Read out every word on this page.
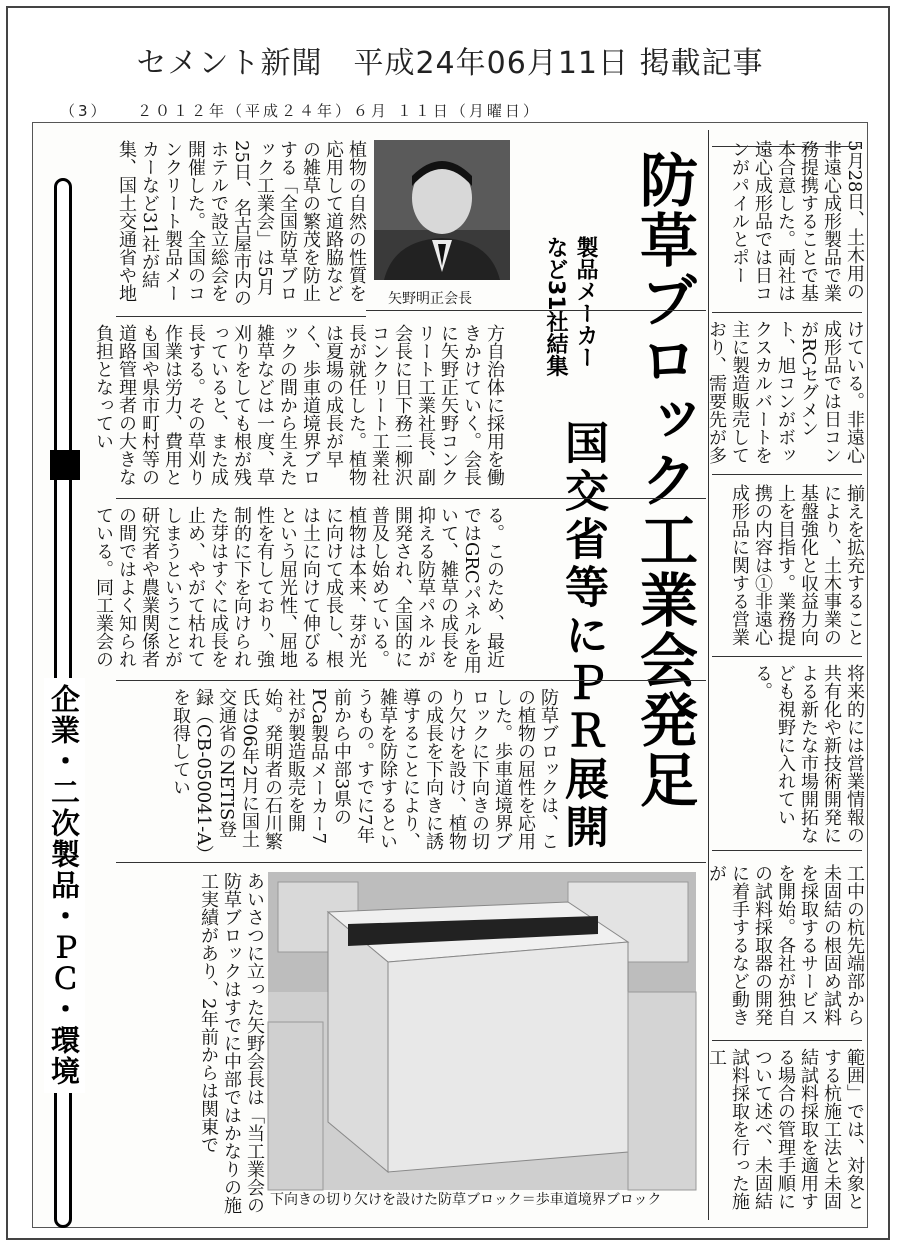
セメント新聞　平成24年06月11日 掲載記事
（3）　　２０１２年（平成２４年）６月 １１日（月曜日）
企業・二次製品・ＰＣ・環境
5月28日、土木用の非遠心成形製品で業務提携することで基本合意した。両社は遠心成形品では日コンがパイルとポー
けている。非遠心成形品では日コンがRCセグメント、旭コンがボックスカルバートを主に製造販売しており、需要先が多
揃えを拡充することにより、土木事業の基盤強化と収益力向上を目指す。業務提携の内容は①非遠心成形品に関する営業
将来的には営業情報の共有化や新技術開発による新たな市場開拓なども視野に入れている。
工中の杭先端部から未固結の根固め試料を採取するサービスを開始。各社が独自の試料採取器の開発に着手するなど動きが
範囲」では、対象とする杭施工法と未固結試料採取を適用する場合の管理手順について述べ、未固結試料採取を行った施工
防草ブロック工業会発足
国交省等にＰＲ展開
製品メーカー
など31社結集
矢野明正会長
植物の自然の性質を応用して道路脇などの雑草の繁茂を防止する「全国防草ブロック工業会」は5月25日、名古屋市内のホテルで設立総会を開催した。全国のコンクリート製品メーカーなど31社が結集、国土交通省や地
方自治体に採用を働きかけていく。会長に矢野正矢野コンクリート工業社長、副会長に日下務二柳沢コンクリート工業社長が就任した。植物は夏場の成長が早く、歩車道境界ブロックの間から生えた雑草などは一度、草刈りをしても根が残っていると、また成長する。その草刈り作業は労力、費用とも国や県市町村等の道路管理者の大きな負担となってい
る。このため、最近ではGRCパネルを用いて、雑草の成長を抑える防草パネルが開発され、全国的に普及し始めている。植物は本来、芽が光に向けて成長し、根は土に向けて伸びるという屈光性、屈地性を有しており、強制的に下を向けられた芽はすぐに成長を止め、やがて枯れてしまうということが研究者や農業関係者の間ではよく知られている。同工業会の
防草ブロックは、この植物の屈性を応用した。歩車道境界ブロックに下向きの切り欠けを設け、植物の成長を下向きに誘導することにより、雑草を防除するというもの。すでに7年前から中部3県のPCa製品メーカー7社が製造販売を開始。発明者の石川繁氏は06年2月に国土交通省のNETIS登録（CB-050041-A）を取得してい
下向きの切り欠けを設けた防草ブロック＝歩車道境界ブロック
あいさつに立った矢野会長は「当工業会の防草ブロックはすでに中部ではかなりの施工実績があり、2年前からは関東で
